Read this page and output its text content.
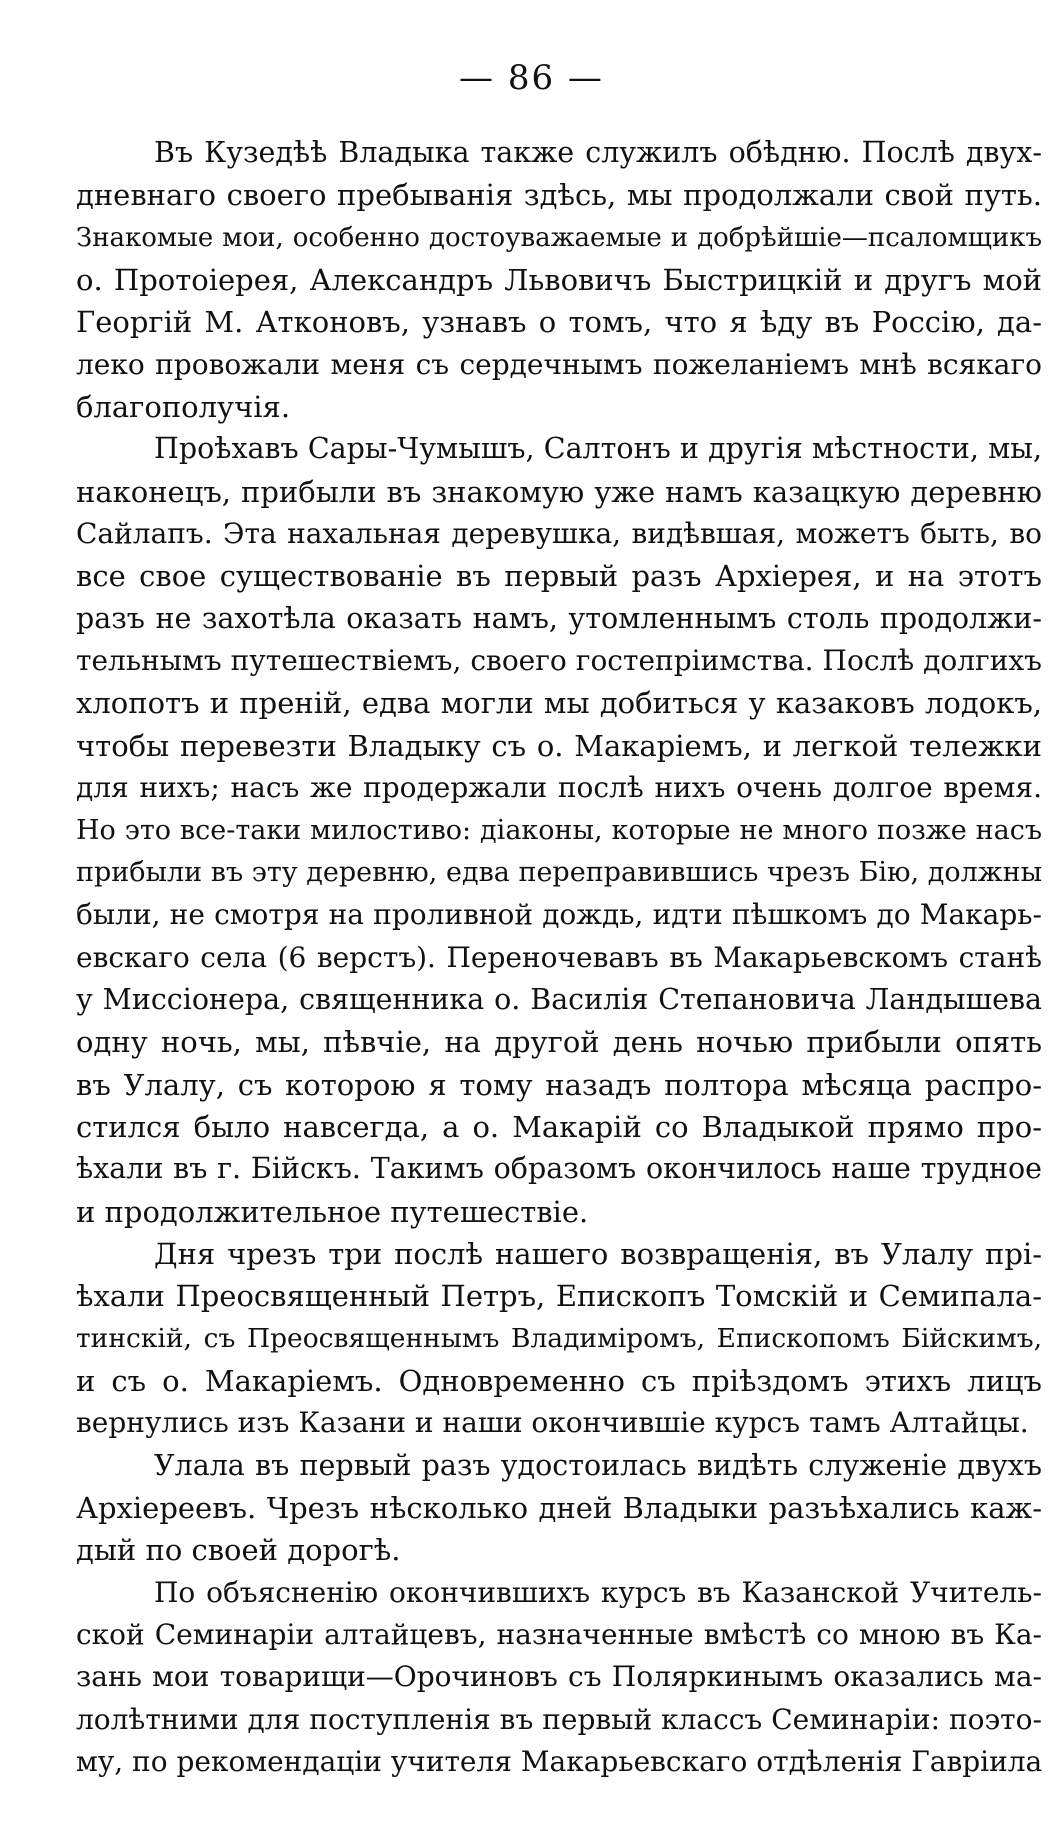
— 86 —
Въ Кузедѣѣ Владыка также служилъ обѣдню. Послѣ двух-
дневнаго своего пребыванія здѣсь, мы продолжали свой путь.
Знакомые мои, особенно достоуважаемые и добрѣйшіе—псаломщикъ
о. Протоіерея, Александръ Львовичъ Быстрицкій и другъ мой
Георгій М. Атконовъ, узнавъ о томъ, что я ѣду въ Россію, да-
леко провожали меня съ сердечнымъ пожеланіемъ мнѣ всякаго
благополучія.
Проѣхавъ Сары-Чумышъ, Салтонъ и другія мѣстности, мы,
наконецъ, прибыли въ знакомую уже намъ казацкую деревню
Сайлапъ. Эта нахальная деревушка, видѣвшая, можетъ быть, во
все свое существованіе въ первый разъ Архіерея, и на этотъ
разъ не захотѣла оказать намъ, утомленнымъ столь продолжи-
тельнымъ путешествіемъ, своего гостепріимства. Послѣ долгихъ
хлопотъ и преній, едва могли мы добиться у казаковъ лодокъ,
чтобы перевезти Владыку съ о. Макаріемъ, и легкой тележки
для нихъ; насъ же продержали послѣ нихъ очень долгое время.
Но это все-таки милостиво: діаконы, которые не много позже насъ
прибыли въ эту деревню, едва переправившись чрезъ Бію, должны
были, не смотря на проливной дождь, идти пѣшкомъ до Макарь-
евскаго села (6 верстъ). Переночевавъ въ Макарьевскомъ станѣ
у Миссіонера, священника о. Василія Степановича Ландышева
одну ночь, мы, пѣвчіе, на другой день ночью прибыли опять
въ Улалу, съ которою я тому назадъ полтора мѣсяца распро-
стился было навсегда, а о. Макарій со Владыкой прямо про-
ѣхали въ г. Бійскъ. Такимъ образомъ окончилось наше трудное
и продолжительное путешествіе.
Дня чрезъ три послѣ нашего возвращенія, въ Улалу прі-
ѣхали Преосвященный Петръ, Епископъ Томскій и Семипала-
тинскій, съ Преосвященнымъ Владиміромъ, Епископомъ Бійскимъ,
и съ о. Макаріемъ. Одновременно съ пріѣздомъ этихъ лицъ
вернулись изъ Казани и наши окончившіе курсъ тамъ Алтайцы.
Улала въ первый разъ удостоилась видѣть служеніе двухъ
Архіереевъ. Чрезъ нѣсколько дней Владыки разъѣхались каж-
дый по своей дорогѣ.
По объясненію окончившихъ курсъ въ Казанской Учитель-
ской Семинаріи алтайцевъ, назначенные вмѣстѣ со мною въ Ка-
зань мои товарищи—Орочиновъ съ Поляркинымъ оказались ма-
лолѣтними для поступленія въ первый классъ Семинаріи: поэто-
му, по рекомендаціи учителя Макарьевскаго отдѣленія Гавріила
